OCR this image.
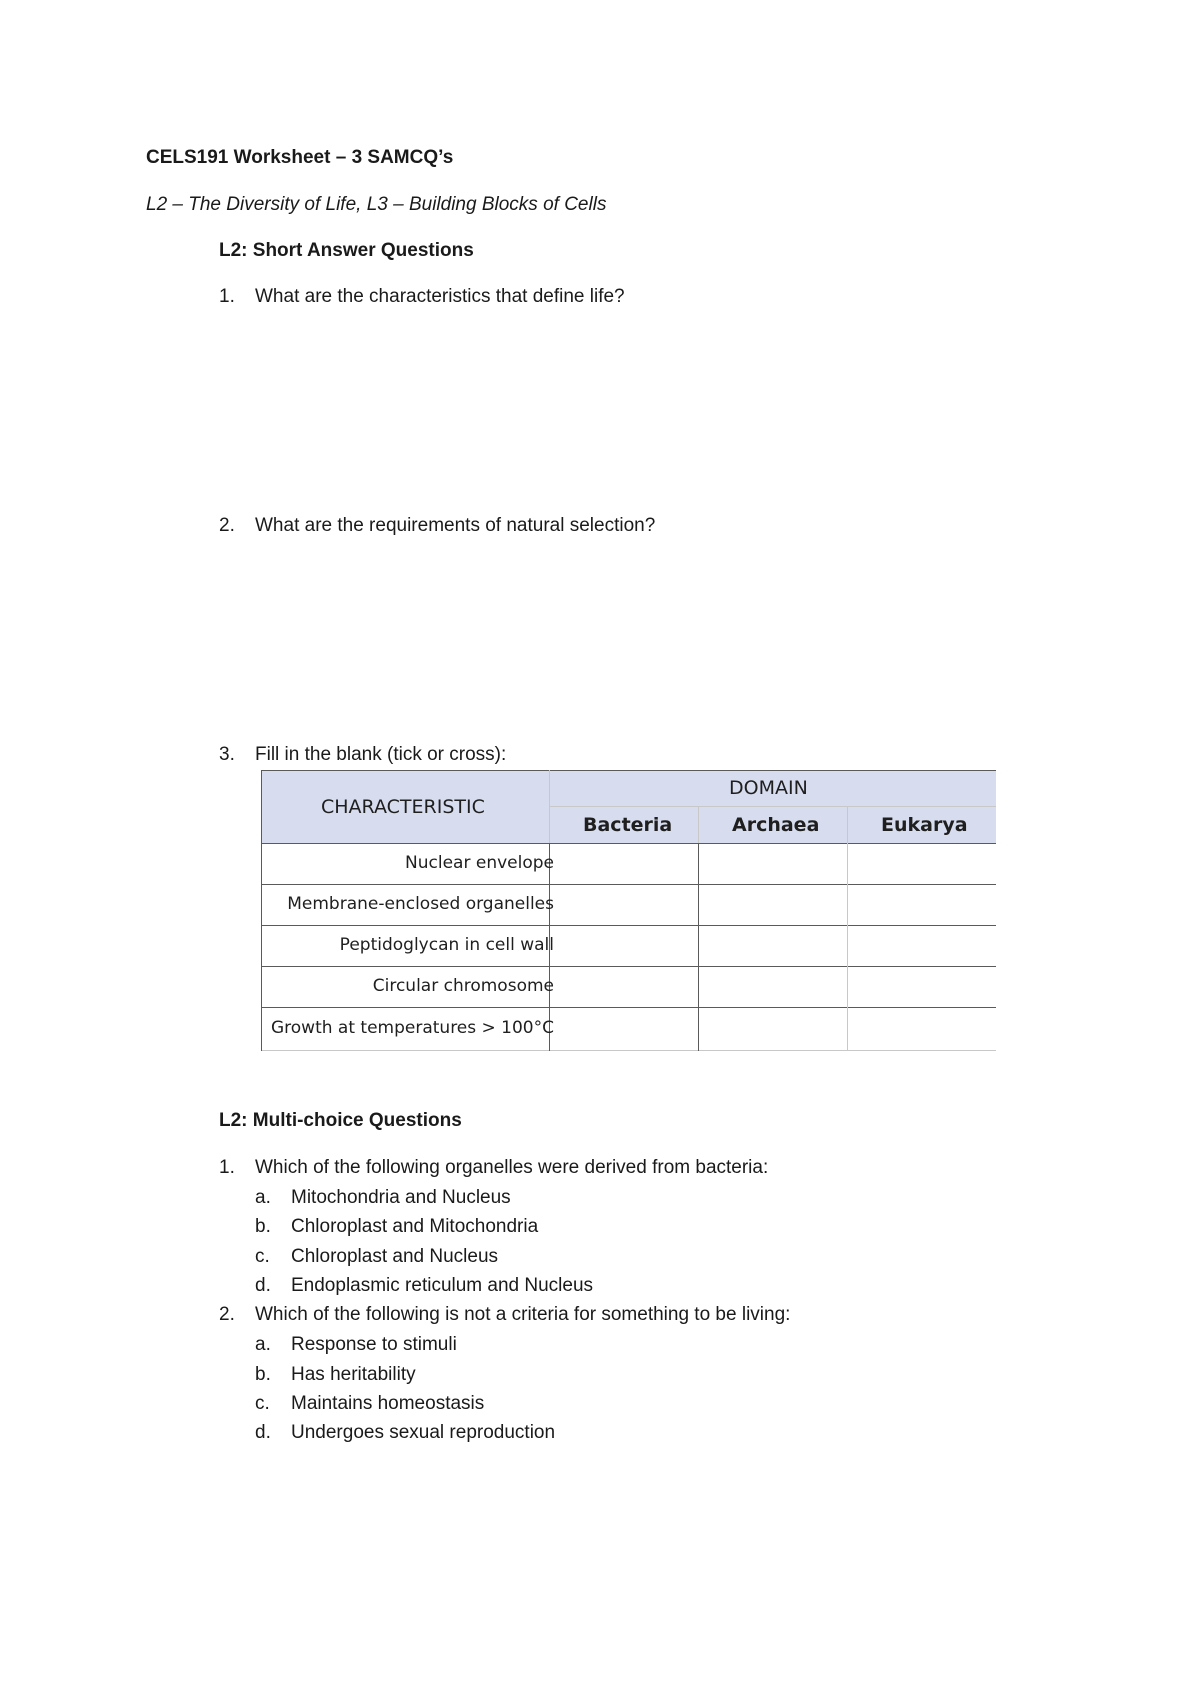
CELS191 Worksheet – 3 SAMCQ’s
L2 – The Diversity of Life, L3 – Building Blocks of Cells
L2: Short Answer Questions
1. What are the characteristics that define life?
2. What are the requirements of natural selection?
3. Fill in the blank (tick or cross):
CHARACTERISTIC
DOMAIN
Bacteria	Archaea	Eukarya
Nuclear envelope
Membrane-enclosed organelles
Peptidoglycan in cell wall
Circular chromosome
Growth at temperatures > 100°C
L2: Multi-choice Questions
1. Which of the following organelles were derived from bacteria:
a. Mitochondria and Nucleus
b. Chloroplast and Mitochondria
c. Chloroplast and Nucleus
d. Endoplasmic reticulum and Nucleus
2. Which of the following is not a criteria for something to be living:
a. Response to stimuli
b. Has heritability
c. Maintains homeostasis
d. Undergoes sexual reproduction
